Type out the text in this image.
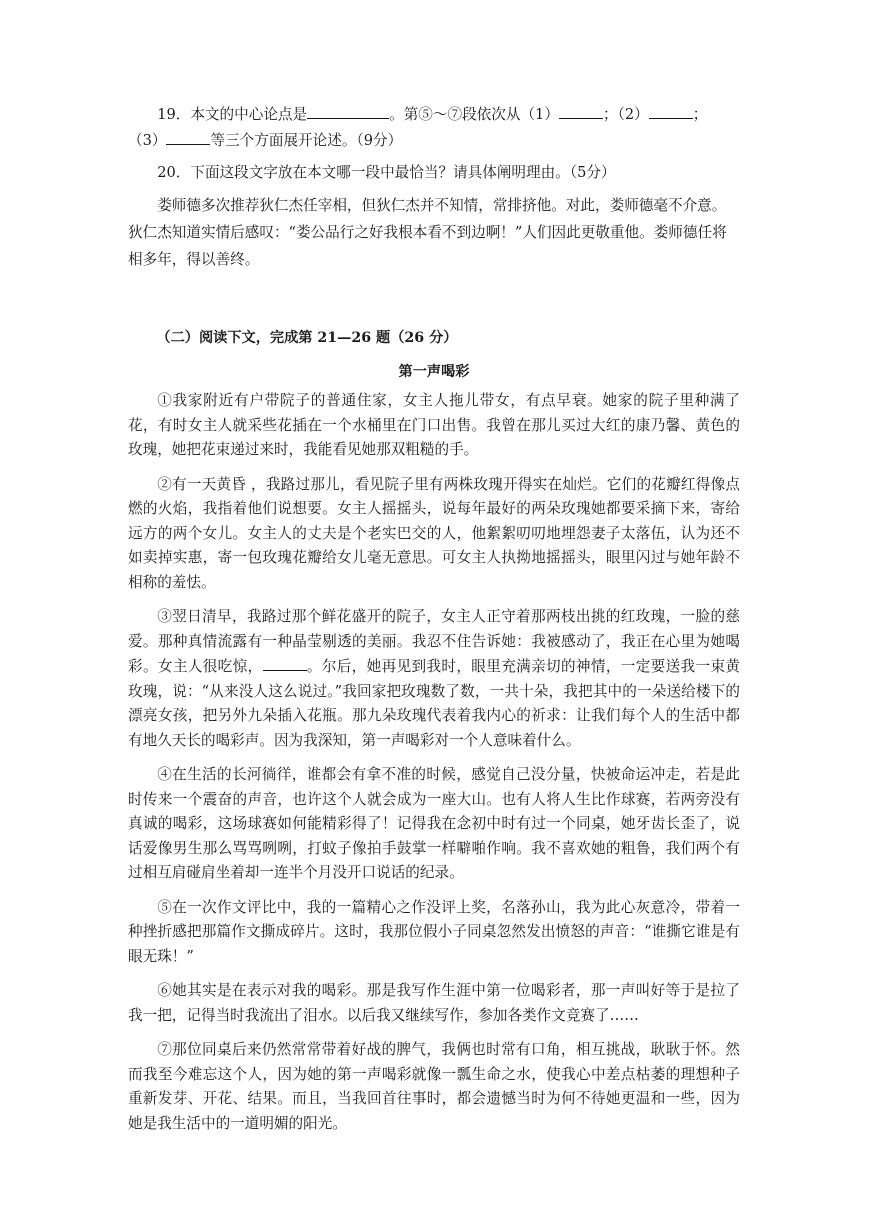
19．本文的中心论点是	。第⑤～⑦段依次从（1）	；（2）	；
（3）	等三个方面展开论述。（9分）

20．下面这段文字放在本文哪一段中最恰当？请具体阐明理由。（5分）

娄师德多次推荐狄仁杰任宰相，但狄仁杰并不知情，常排挤他。对此，娄师德毫不介意。狄仁杰知道实情后感叹：“娄公品行之好我根本看不到边啊！”人们因此更敬重他。娄师德任将相多年，得以善终。

（二）阅读下文，完成第 21—26 题（26 分）

第一声喝彩

①我家附近有户带院子的普通住家，女主人拖儿带女，有点早衰。她家的院子里种满了花，有时女主人就采些花插在一个水桶里在门口出售。我曾在那儿买过大红的康乃馨、黄色的玫瑰，她把花束递过来时，我能看见她那双粗糙的手。

②有一天黄昏 ，我路过那儿，看见院子里有两株玫瑰开得实在灿烂。它们的花瓣红得像点燃的火焰，我指着他们说想要。女主人摇摇头，说每年最好的两朵玫瑰她都要采摘下来，寄给远方的两个女儿。女主人的丈夫是个老实巴交的人，他絮絮叨叨地埋怨妻子太落伍，认为还不如卖掉实惠，寄一包玫瑰花瓣给女儿毫无意思。可女主人执拗地摇摇头，眼里闪过与她年龄不相称的羞怯。

③翌日清早，我路过那个鲜花盛开的院子，女主人正守着那两枝出挑的红玫瑰，一脸的慈爱。那种真情流露有一种晶莹剔透的美丽。我忍不住告诉她：我被感动了，我正在心里为她喝彩。女主人很吃惊，	。尔后，她再见到我时，眼里充满亲切的神情，一定要送我一束黄玫瑰，说：“从来没人这么说过。”我回家把玫瑰数了数，一共十朵，我把其中的一朵送给楼下的漂亮女孩，把另外九朵插入花瓶。那九朵玫瑰代表着我内心的祈求：让我们每个人的生活中都有地久天长的喝彩声。因为我深知，第一声喝彩对一个人意味着什么。

④在生活的长河徜徉，谁都会有拿不准的时候，感觉自己没分量，快被命运冲走，若是此时传来一个震奋的声音，也许这个人就会成为一座大山。也有人将人生比作球赛，若两旁没有真诚的喝彩，这场球赛如何能精彩得了！记得我在念初中时有过一个同桌，她牙齿长歪了，说话爱像男生那么骂骂咧咧，打蚊子像拍手鼓掌一样噼啪作响。我不喜欢她的粗鲁，我们两个有过相互肩碰肩坐着却一连半个月没开口说话的纪录。

⑤在一次作文评比中，我的一篇精心之作没评上奖，名落孙山，我为此心灰意冷，带着一种挫折感把那篇作文撕成碎片。这时，我那位假小子同桌忽然发出愤怒的声音：“谁撕它谁是有眼无珠！”

⑥她其实是在表示对我的喝彩。那是我写作生涯中第一位喝彩者，那一声叫好等于是拉了我一把，记得当时我流出了泪水。以后我又继续写作，参加各类作文竞赛了……

⑦那位同桌后来仍然常常带着好战的脾气，我俩也时常有口角，相互挑战，耿耿于怀。然而我至今难忘这个人，因为她的第一声喝彩就像一瓢生命之水，使我心中差点枯萎的理想种子重新发芽、开花、结果。而且，当我回首往事时，都会遗憾当时为何不待她更温和一些，因为她是我生活中的一道明媚的阳光。
